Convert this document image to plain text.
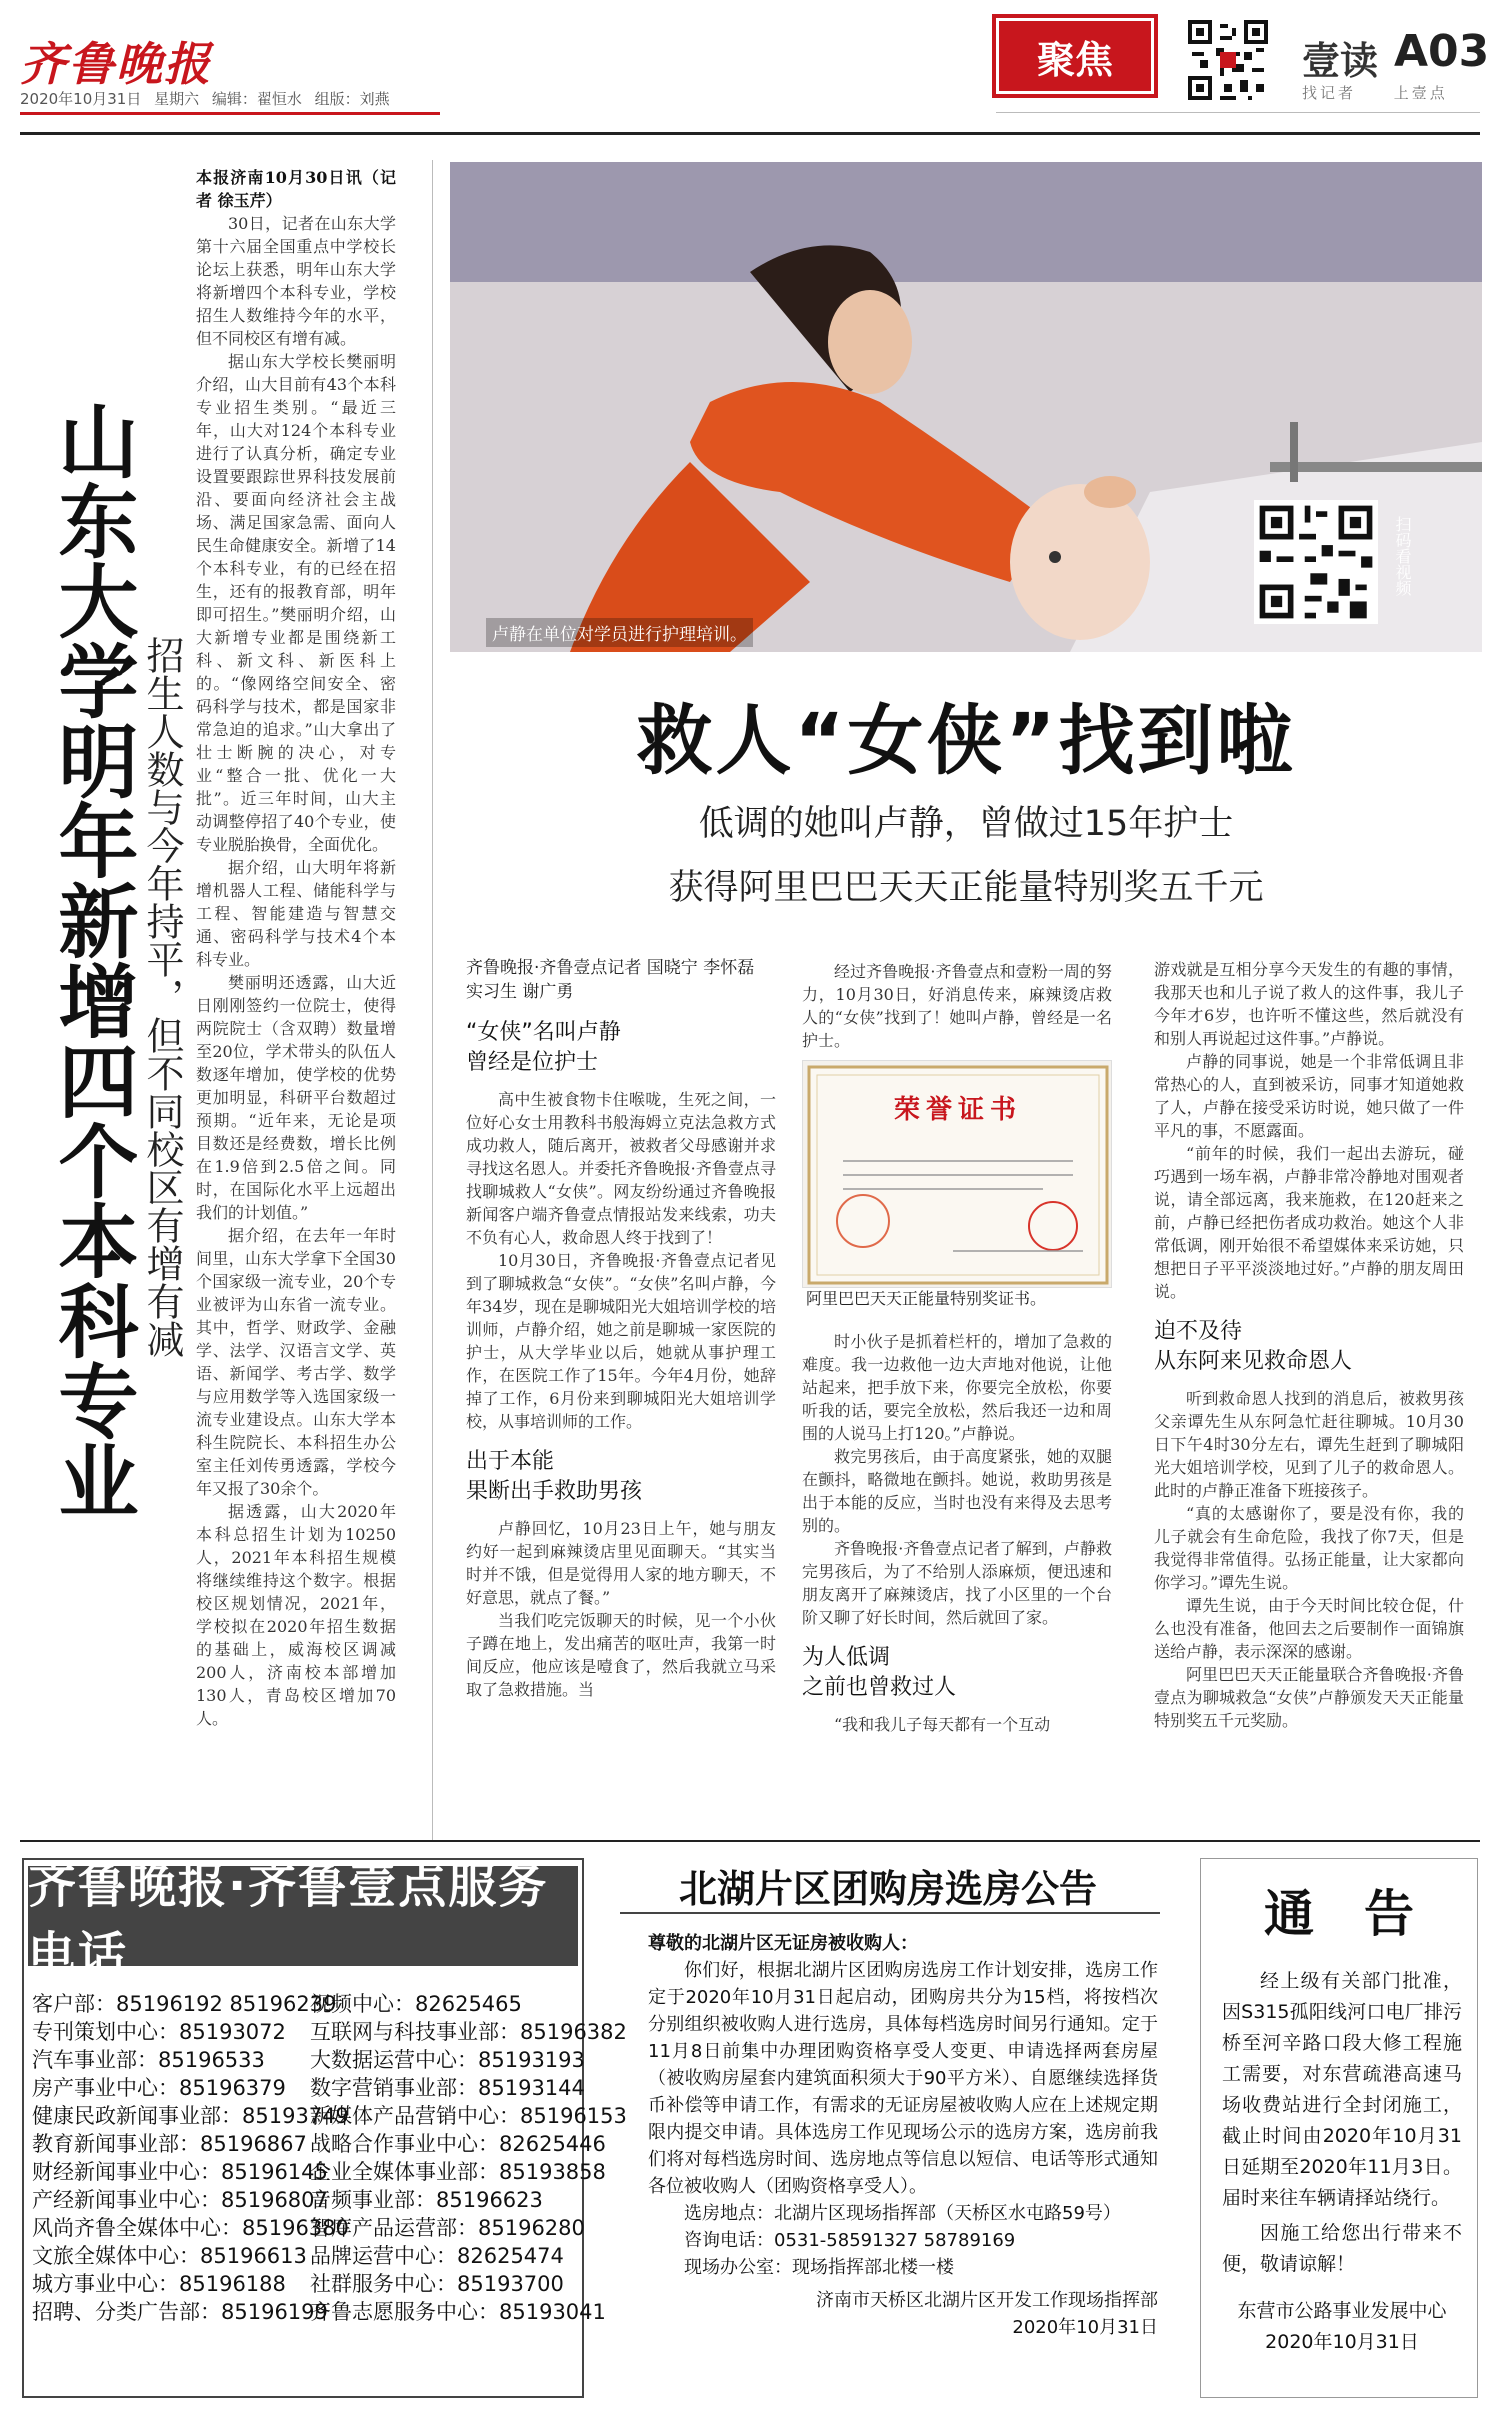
齐鲁晚报
2020年10月31日 星期六 编辑：翟恒水 组版：刘燕
聚焦	壹读 A03
找记者 上壹点
山东大学明年新增四个本科专业 招生人数与今年持平，但不同校区有增有减
本报济南10月30日讯（记者 徐玉芹）

30日，记者在山东大学第十六届全国重点中学校长论坛上获悉，明年山东大学将新增四个本科专业，学校招生人数维持今年的水平，但不同校区有增有减。

据山东大学校长樊丽明介绍，山大目前有43个本科专业招生类别。“最近三年，山大对124个本科专业进行了认真分析，确定专业设置要跟踪世界科技发展前沿、要面向经济社会主战场、满足国家急需、面向人民生命健康安全。新增了14个本科专业，有的已经在招生，还有的报教育部，明年即可招生。”樊丽明介绍，山大新增专业都是围绕新工科、新文科、新医科上的。“像网络空间安全、密码科学与技术，都是国家非常急迫的追求。”山大拿出了壮士断腕的决心，对专业“整合一批、优化一大批”。近三年时间，山大主动调整停招了40个专业，使专业脱胎换骨，全面优化。

据介绍，山大明年将新增机器人工程、储能科学与工程、智能建造与智慧交通、密码科学与技术4个本科专业。

樊丽明还透露，山大近日刚刚签约一位院士，使得两院院士（含双聘）数量增至20位，学术带头的队伍人数逐年增加，使学校的优势更加明显，科研平台数超过预期。“近年来，无论是项目数还是经费数，增长比例在1.9倍到2.5倍之间。同时，在国际化水平上远超出我们的计划值。”

据介绍，在去年一年时间里，山东大学拿下全国30个国家级一流专业，20个专业被评为山东省一流专业。其中，哲学、财政学、金融学、法学、汉语言文学、英语、新闻学、考古学、数学与应用数学等入选国家级一流专业建设点。山东大学本科生院院长、本科招生办公室主任刘传勇透露，学校今年又报了30余个。

据透露，山大2020年本科总招生计划为10250人，2021年本科招生规模将继续维持这个数字。根据校区规划情况，2021年，学校拟在2020年招生数据的基础上，威海校区调减200人，济南校本部增加130人，青岛校区增加70人。

卢静在单位对学员进行护理培训。
扫码看视频
救人“女侠”找到啦
低调的她叫卢静，曾做过15年护士
获得阿里巴巴天天正能量特别奖五千元
齐鲁晚报·齐鲁壹点记者 国晓宁 李怀磊 实习生 谢广勇
“女侠”名叫卢静
曾经是位护士

高中生被食物卡住喉咙，生死之间，一位好心女士用教科书般海姆立克法急救方式成功救人，随后离开，被救者父母感谢并求寻找这名恩人。并委托齐鲁晚报·齐鲁壹点寻找聊城救人“女侠”。网友纷纷通过齐鲁晚报新闻客户端齐鲁壹点情报站发来线索，功夫不负有心人，救命恩人终于找到了！

10月30日，齐鲁晚报·齐鲁壹点记者见到了聊城救急“女侠”。“女侠”名叫卢静，今年34岁，现在是聊城阳光大姐培训学校的培训师，卢静介绍，她之前是聊城一家医院的护士，从大学毕业以后，她就从事护理工作，在医院工作了15年。今年4月份，她辞掉了工作，6月份来到聊城阳光大姐培训学校，从事培训师的工作。

出于本能
果断出手救助男孩

卢静回忆，10月23日上午，她与朋友约好一起到麻辣烫店里见面聊天。“其实当时并不饿，但是觉得用人家的地方聊天，不好意思，就点了餐。”

当我们吃完饭聊天的时候，见一个小伙子蹲在地上，发出痛苦的呕吐声，我第一时间反应，他应该是噎食了，然后我就立马采取了急救措施。当

经过齐鲁晚报·齐鲁壹点和壹粉一周的努力，10月30日，好消息传来，麻辣烫店救人的“女侠”找到了！她叫卢静，曾经是一名护士。

荣誉证书
阿里巴巴天天正能量特别奖证书。

时小伙子是抓着栏杆的，增加了急救的难度。我一边救他一边大声地对他说，让他站起来，把手放下来，你要完全放松，你要听我的话，要完全放松，然后我还一边和周围的人说马上打120。”卢静说。

救完男孩后，由于高度紧张，她的双腿在颤抖，略微地在颤抖。她说，救助男孩是出于本能的反应，当时也没有来得及去思考别的。

齐鲁晚报·齐鲁壹点记者了解到，卢静救完男孩后，为了不给别人添麻烦，便迅速和朋友离开了麻辣烫店，找了小区里的一个台阶又聊了好长时间，然后就回了家。

为人低调
之前也曾救过人

“我和我儿子每天都有一个互动

游戏就是互相分享今天发生的有趣的事情，我那天也和儿子说了救人的这件事，我儿子今年才6岁，也许听不懂这些，然后就没有和别人再说起过这件事。”卢静说。

卢静的同事说，她是一个非常低调且非常热心的人，直到被采访，同事才知道她救了人，卢静在接受采访时说，她只做了一件平凡的事，不愿露面。

“前年的时候，我们一起出去游玩，碰巧遇到一场车祸，卢静非常冷静地对围观者说，请全部远离，我来施救，在120赶来之前，卢静已经把伤者成功救治。她这个人非常低调，刚开始很不希望媒体来采访她，只想把日子平平淡淡地过好。”卢静的朋友周田说。

迫不及待
从东阿来见救命恩人

听到救命恩人找到的消息后，被救男孩父亲谭先生从东阿急忙赶往聊城。10月30日下午4时30分左右，谭先生赶到了聊城阳光大姐培训学校，见到了儿子的救命恩人。此时的卢静正准备下班接孩子。

“真的太感谢你了，要是没有你，我的儿子就会有生命危险，我找了你7天，但是我觉得非常值得。弘扬正能量，让大家都向你学习。”谭先生说。

谭先生说，由于今天时间比较仓促，什么也没有准备，他回去之后要制作一面锦旗送给卢静，表示深深的感谢。

阿里巴巴天天正能量联合齐鲁晚报·齐鲁壹点为聊城救急“女侠”卢静颁发天天正能量特别奖五千元奖励。

齐鲁晚报·齐鲁壹点服务电话
客户部：85196192 85196239
专刊策划中心：85193072
汽车事业部：85196533
房产事业中心：85196379
健康民政新闻事业部：85193749
教育新闻事业部：85196867
财经新闻事业中心：85196145
产经新闻事业中心：85196807
风尚齐鲁全媒体中心：85196380
文旅全媒体中心：85196613
城方事业中心：85196188
招聘、分类广告部：85196199
视频中心：82625465
互联网与科技事业部：85196382
大数据运营中心：85193193
数字营销事业部：85193144
新媒体产品营销中心：85196153
战略合作事业中心：82625446
企业全媒体事业部：85193858
音频事业部：85196623
智库产品运营部：85196280
品牌运营中心：82625474
社群服务中心：85193700
齐鲁志愿服务中心：85193041
北湖片区团购房选房公告
尊敬的北湖片区无证房被收购人：
你们好，根据北湖片区团购房选房工作计划安排，选房工作定于2020年10月31日起启动，团购房共分为15档，将按档次分别组织被收购人进行选房，具体每档选房时间另行通知。定于11月8日前集中办理团购资格享受人变更、申请选择两套房屋（被收购房屋套内建筑面积须大于90平方米）、自愿继续选择货币补偿等申请工作，有需求的无证房屋被收购人应在上述规定期限内提交申请。具体选房工作见现场公示的选房方案，选房前我们将对每档选房时间、选房地点等信息以短信、电话等形式通知各位被收购人（团购资格享受人）。
选房地点：北湖片区现场指挥部（天桥区水屯路59号）
咨询电话：0531-58591327 58789169
现场办公室：现场指挥部北楼一楼
济南市天桥区北湖片区开发工作现场指挥部
2020年10月31日
通告
经上级有关部门批准，因S315孤阳线河口电厂排污桥至河辛路口段大修工程施工需要，对东营疏港高速马场收费站进行全封闭施工，截止时间由2020年10月31日延期至2020年11月3日。届时来往车辆请择站绕行。
因施工给您出行带来不便，敬请谅解！
东营市公路事业发展中心
2020年10月31日
